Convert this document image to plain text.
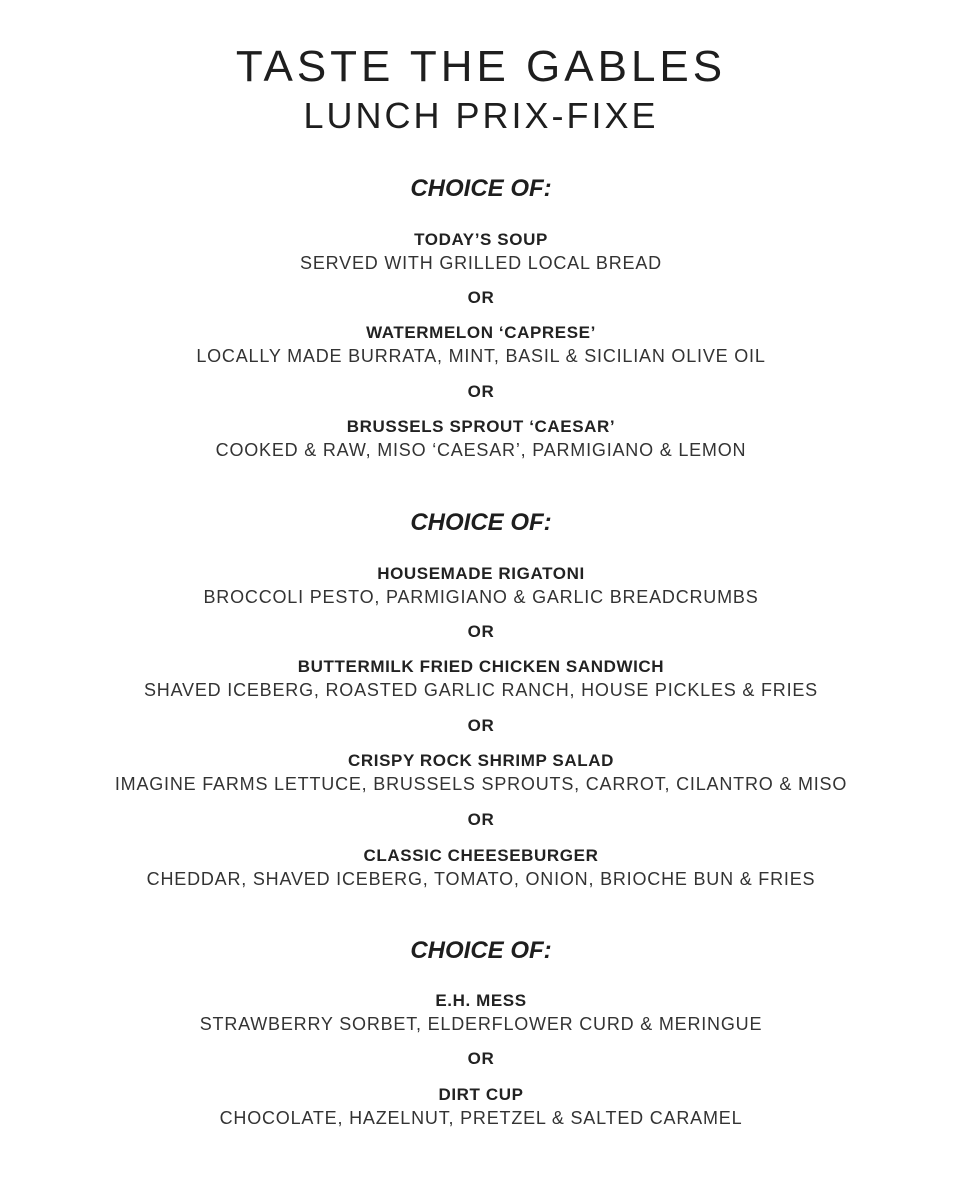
TASTE THE GABLES
LUNCH PRIX-FIXE
CHOICE OF:
TODAY’S SOUP
SERVED WITH GRILLED LOCAL BREAD
OR
WATERMELON ‘CAPRESE’
LOCALLY MADE BURRATA, MINT, BASIL & SICILIAN OLIVE OIL
OR
BRUSSELS SPROUT ‘CAESAR’
COOKED & RAW, MISO ‘CAESAR’, PARMIGIANO & LEMON
CHOICE OF:
HOUSEMADE RIGATONI
BROCCOLI PESTO, PARMIGIANO & GARLIC BREADCRUMBS
OR
BUTTERMILK FRIED CHICKEN SANDWICH
SHAVED ICEBERG, ROASTED GARLIC RANCH, HOUSE PICKLES & FRIES
OR
CRISPY ROCK SHRIMP SALAD
IMAGINE FARMS LETTUCE, BRUSSELS SPROUTS, CARROT, CILANTRO & MISO
OR
CLASSIC CHEESEBURGER
CHEDDAR, SHAVED ICEBERG, TOMATO, ONION, BRIOCHE BUN & FRIES
CHOICE OF:
E.H. MESS
STRAWBERRY SORBET, ELDERFLOWER CURD & MERINGUE
OR
DIRT CUP
CHOCOLATE, HAZELNUT, PRETZEL & SALTED CARAMEL
